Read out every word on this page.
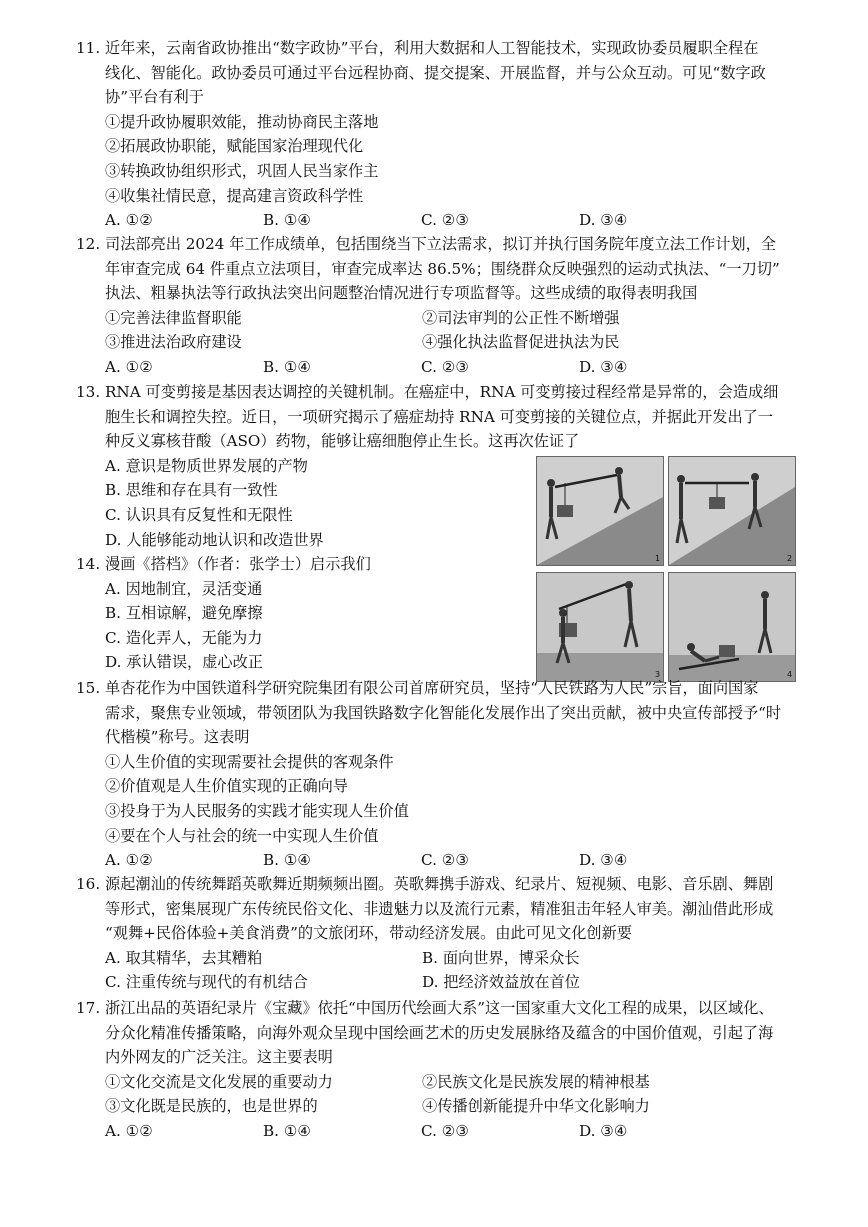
11. 近年来，云南省政协推出“数字政协”平台，利用大数据和人工智能技术，实现政协委员履职全程在
线化、智能化。政协委员可通过平台远程协商、提交提案、开展监督，并与公众互动。可见“数字政
协”平台有利于
①提升政协履职效能，推动协商民主落地
②拓展政协职能，赋能国家治理现代化
③转换政协组织形式，巩固人民当家作主
④收集社情民意，提高建言资政科学性
A. ①②	B. ①④	C. ②③	D. ③④
12. 司法部亮出 2024 年工作成绩单，包括围绕当下立法需求，拟订并执行国务院年度立法工作计划，全
年审查完成 64 件重点立法项目，审查完成率达 86.5%；围绕群众反映强烈的运动式执法、“一刀切”
执法、粗暴执法等行政执法突出问题整治情况进行专项监督等。这些成绩的取得表明我国
①完善法律监督职能	②司法审判的公正性不断增强
③推进法治政府建设	④强化执法监督促进执法为民
A. ①②	B. ①④	C. ②③	D. ③④
13. RNA 可变剪接是基因表达调控的关键机制。在癌症中，RNA 可变剪接过程经常是异常的，会造成细
胞生长和调控失控。近日，一项研究揭示了癌症劫持 RNA 可变剪接的关键位点，并据此开发出了一
种反义寡核苷酸（ASO）药物，能够让癌细胞停止生长。这再次佐证了
A. 意识是物质世界发展的产物
B. 思维和存在具有一致性
C. 认识具有反复性和无限性
D. 人能够能动地认识和改造世界
14. 漫画《搭档》（作者：张学士）启示我们
A. 因地制宜，灵活变通
B. 互相谅解，避免摩擦
C. 造化弄人，无能为力
D. 承认错误，虚心改正
1	2
3	4
15. 单杏花作为中国铁道科学研究院集团有限公司首席研究员，坚持“人民铁路为人民”宗旨，面向国家
需求，聚焦专业领域，带领团队为我国铁路数字化智能化发展作出了突出贡献，被中央宣传部授予“时
代楷模”称号。这表明
①人生价值的实现需要社会提供的客观条件
②价值观是人生价值实现的正确向导
③投身于为人民服务的实践才能实现人生价值
④要在个人与社会的统一中实现人生价值
A. ①②	B. ①④	C. ②③	D. ③④
16. 源起潮汕的传统舞蹈英歌舞近期频频出圈。英歌舞携手游戏、纪录片、短视频、电影、音乐剧、舞剧
等形式，密集展现广东传统民俗文化、非遗魅力以及流行元素，精准狙击年轻人审美。潮汕借此形成
“观舞+民俗体验+美食消费”的文旅闭环，带动经济发展。由此可见文化创新要
A. 取其精华，去其糟粕	B. 面向世界，博采众长
C. 注重传统与现代的有机结合	D. 把经济效益放在首位
17. 浙江出品的英语纪录片《宝藏》依托“中国历代绘画大系”这一国家重大文化工程的成果，以区域化、
分众化精准传播策略，向海外观众呈现中国绘画艺术的历史发展脉络及蕴含的中国价值观，引起了海
内外网友的广泛关注。这主要表明
①文化交流是文化发展的重要动力	②民族文化是民族发展的精神根基
③文化既是民族的，也是世界的	④传播创新能提升中华文化影响力
A. ①②	B. ①④	C. ②③	D. ③④
